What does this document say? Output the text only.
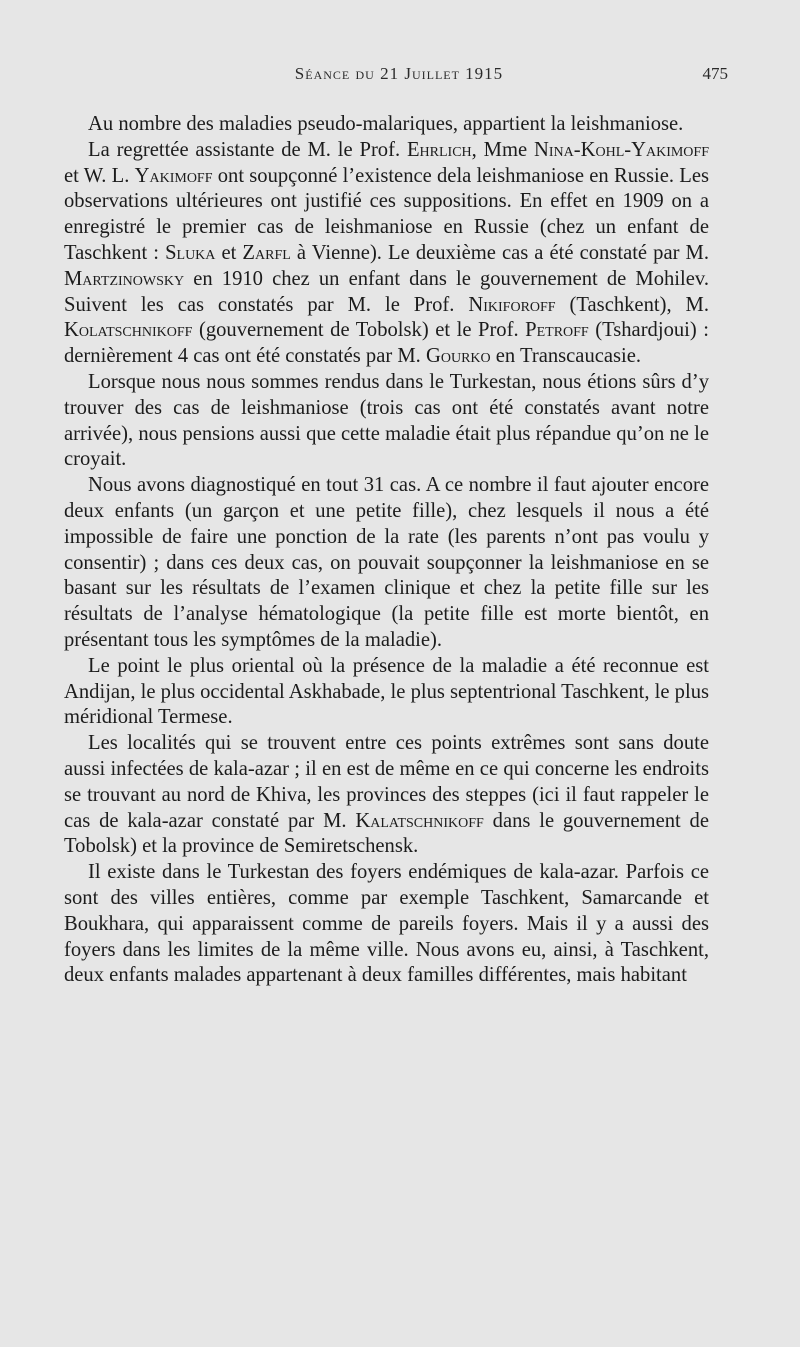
Séance du 21 Juillet 1915	475

Au nombre des maladies pseudo-malariques, appartient la leishmaniose.

La regrettée assistante de M. le Prof. Ehrlich, Mme Nina-Kohl-Yakimoff et W. L. Yakimoff ont soupçonné l’existence dela leishmaniose en Russie. Les observations ultérieures ont justifié ces suppositions. En effet en 1909 on a enregistré le premier cas de leishmaniose en Russie (chez un enfant de Taschkent : Sluka et Zarfl à Vienne). Le deuxième cas a été constaté par M. Martzinowsky en 1910 chez un enfant dans le gouvernement de Mohilev. Suivent les cas constatés par M. le Prof. Nikiforoff (Taschkent), M. Kolatschnikoff (gouvernement de Tobolsk) et le Prof. Petroff (Tshardjoui) : dernièrement 4 cas ont été constatés par M. Gourko en Transcaucasie.

Lorsque nous nous sommes rendus dans le Turkestan, nous étions sûrs d’y trouver des cas de leishmaniose (trois cas ont été constatés avant notre arrivée), nous pensions aussi que cette maladie était plus répandue qu’on ne le croyait.

Nous avons diagnostiqué en tout 31 cas. A ce nombre il faut ajouter encore deux enfants (un garçon et une petite fille), chez lesquels il nous a été impossible de faire une ponction de la rate (les parents n’ont pas voulu y consentir) ; dans ces deux cas, on pouvait soupçonner la leishmaniose en se basant sur les résultats de l’examen clinique et chez la petite fille sur les résultats de l’analyse hématologique (la petite fille est morte bientôt, en présentant tous les symptômes de la maladie).

Le point le plus oriental où la présence de la maladie a été reconnue est Andijan, le plus occidental Askhabade, le plus septentrional Taschkent, le plus méridional Termese.

Les localités qui se trouvent entre ces points extrêmes sont sans doute aussi infectées de kala-azar ; il en est de même en ce qui concerne les endroits se trouvant au nord de Khiva, les provinces des steppes (ici il faut rappeler le cas de kala-azar constaté par M. Kalatschnikoff dans le gouvernement de Tobolsk) et la province de Semiretschensk.

Il existe dans le Turkestan des foyers endémiques de kala-azar. Parfois ce sont des villes entières, comme par exemple Taschkent, Samarcande et Boukhara, qui apparaissent comme de pareils foyers. Mais il y a aussi des foyers dans les limites de la même ville. Nous avons eu, ainsi, à Taschkent, deux enfants malades appartenant à deux familles différentes, mais habitant
